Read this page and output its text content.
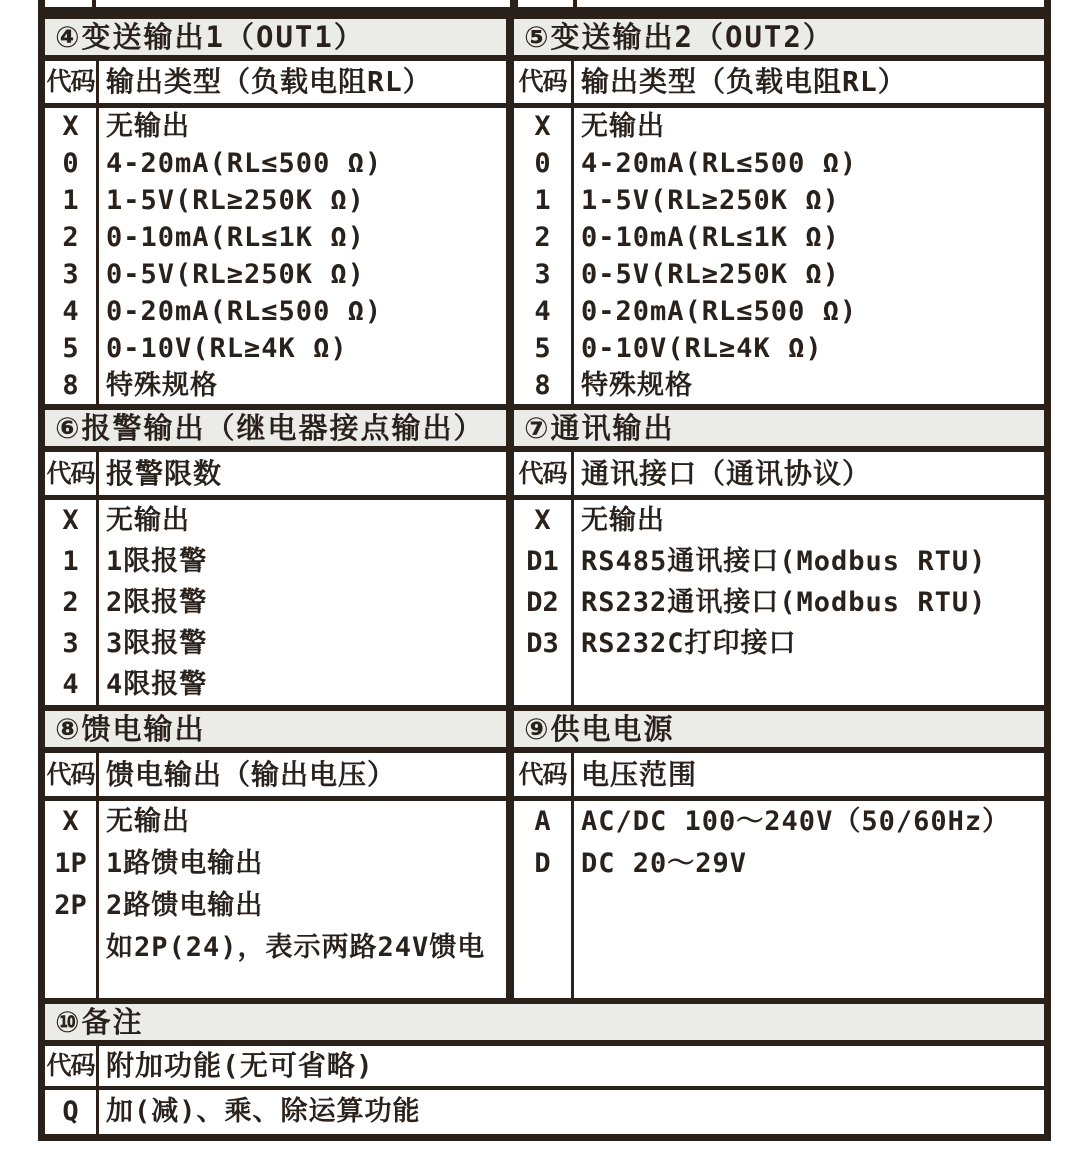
④变送输出1（OUT1）
代码 输出类型（负载电阻RL）
X	无输出
0	4-20mA(RL≤500 Ω)
1	1-5V(RL≥250K Ω)
2	0-10mA(RL≤1K Ω)
3	0-5V(RL≥250K Ω)
4	0-20mA(RL≤500 Ω)
5	0-10V(RL≥4K Ω)
8	特殊规格
⑤变送输出2（OUT2）
代码 输出类型（负载电阻RL）
X	无输出
0	4-20mA(RL≤500 Ω)
1	1-5V(RL≥250K Ω)
2	0-10mA(RL≤1K Ω)
3	0-5V(RL≥250K Ω)
4	0-20mA(RL≤500 Ω)
5	0-10V(RL≥4K Ω)
8	特殊规格
⑥报警输出（继电器接点输出）
代码 报警限数
X	无输出
1	1限报警
2	2限报警
3	3限报警
4	4限报警
⑦通讯输出
代码 通讯接口（通讯协议）
X	无输出
D1 RS485通讯接口(Modbus RTU)
D2 RS232通讯接口(Modbus RTU)
D3 RS232C打印接口
⑧馈电输出
代码 馈电输出（输出电压）
X	无输出
1P 1路馈电输出
2P 2路馈电输出
如2P(24)，表示两路24V馈电
⑨供电电源
代码 电压范围
A	AC/DC 100～240V（50/60Hz）
D	DC 20～29V
⑩备注
代码 附加功能(无可省略)
Q	加(减)、乘、除运算功能
